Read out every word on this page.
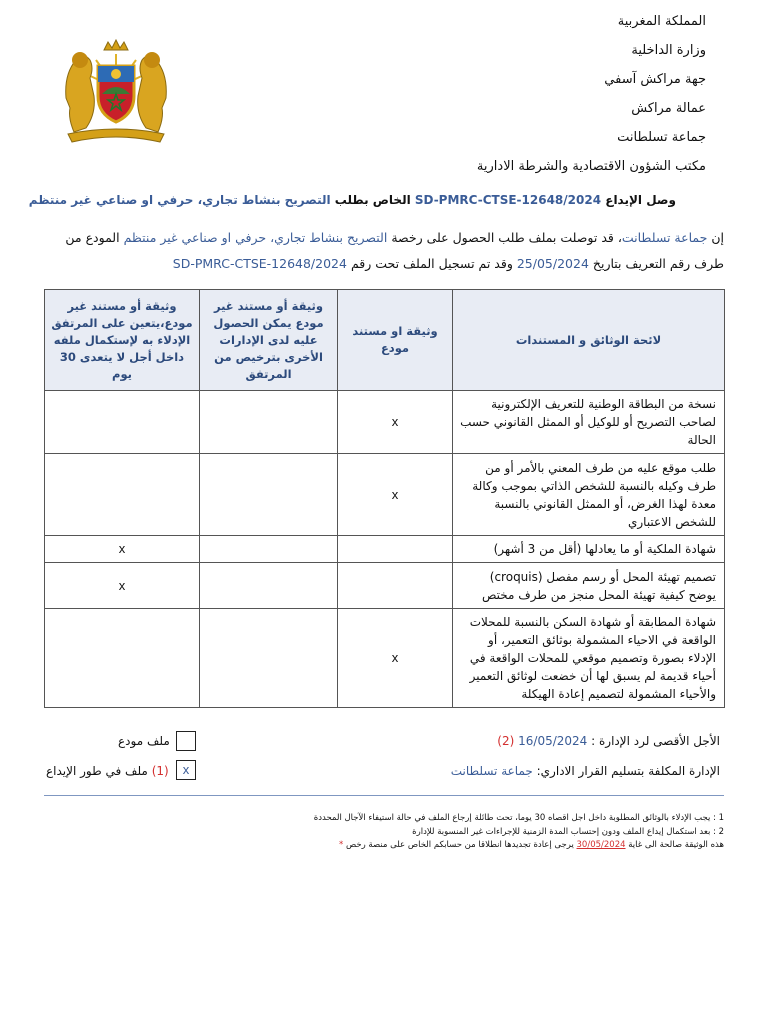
المملكة المغربية
وزارة الداخلية
جهة مراكش آسفي
عمالة مراكش
جماعة تسلطانت
مكتب الشؤون الاقتصادية والشرطة الادارية
وصل الإيداع SD-PMRC-CTSE-12648/2024 الخاص بطلب التصريح بنشاط تجاري، حرفي او صناعي غير منتظم
إن جماعة تسلطانت، قد توصلت بملف طلب الحصول على رخصة التصريح بنشاط تجاري، حرفي او صناعي غير منتظم المودع من
طرف رقم التعريف بتاريخ 25/05/2024 وقد تم تسجيل الملف تحت رقم SD-PMRC-CTSE-12648/2024
لائحة الوثائق و المستندات	وثيقة او مستند مودع	وثيقة أو مستند غير مودع يمكن الحصول عليه لدى الإدارات الأخرى بترخيص من المرتفق	وثيقة أو مستند غير مودع،يتعين على المرتفق الإدلاء به لإستكمال ملفه داخل أجل لا يتعدى 30 يوم
نسخة من البطاقة الوطنية للتعريف الإلكترونية لصاحب التصريح أو للوكيل أو الممثل القانوني حسب الحالة	x		
طلب موقع عليه من طرف المعني بالأمر أو من طرف وكيله بالنسبة للشخص الذاتي بموجب وكالة معدة لهذا الغرض، أو الممثل القانوني بالنسبة للشخص الاعتباري	x		
شهادة الملكية أو ما يعادلها (أقل من 3 أشهر)			x
تصميم تهيئة المحل أو رسم مفصل (croquis) يوضح كيفية تهيئة المحل منجز من طرف مختص			x
شهادة المطابقة أو شهادة السكن بالنسبة للمحلات الواقعة في الاحياء المشمولة بوثائق التعمير، أو الإدلاء بصورة وتصميم موقعي للمحلات الواقعة في أحياء قديمة لم يسبق لها أن خضعت لوثائق التعمير والأحياء المشمولة لتصميم إعادة الهيكلة	x		
الأجل الأقصى لرد الإدارة : 16/05/2024 (2)
الإدارة المكلفة بتسليم القرار الاداري: جماعة تسلطانت
ملف مودع
(1) ملف في طور الإيداع	x
1 : يجب الإدلاء بالوثائق المطلوبة داخل اجل اقصاه 30 يوما، تحت طائلة إرجاع الملف في حالة استيفاء الآجال المحددة
2 : بعد استكمال إيداع الملف ودون إحتساب المدة الزمنية للإجراءات غير المنسوبة للإدارة
هذه الوثيقة صالحة الى غاية 30/05/2024 يرجى إعادة تجديدها انطلاقا من حسابكم الخاص على منصة رخص *
